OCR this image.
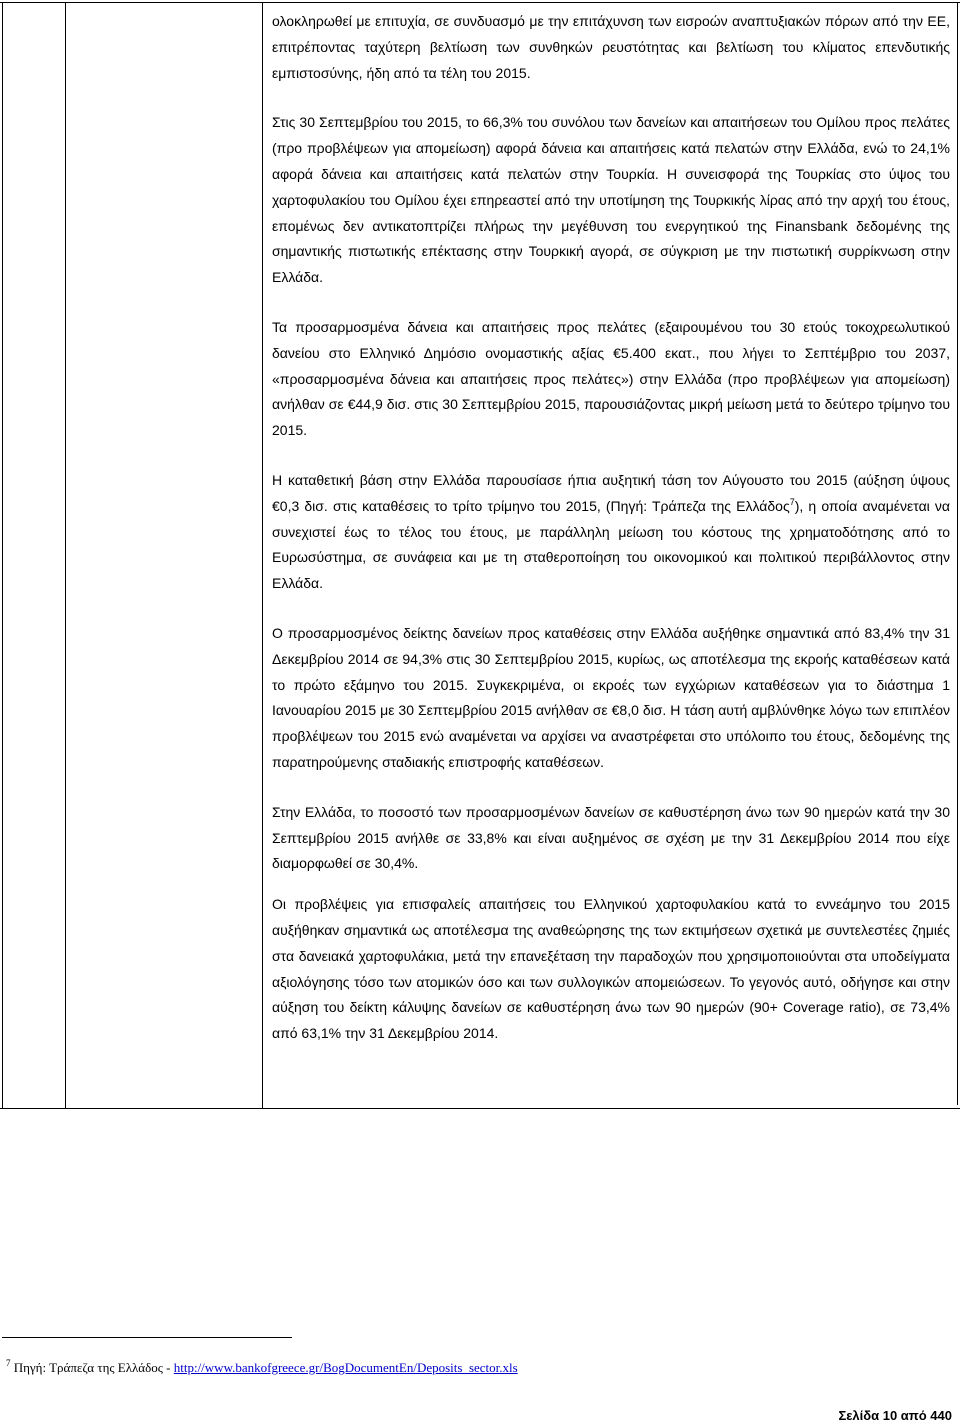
ολοκληρωθεί με επιτυχία, σε συνδυασμό με την επιτάχυνση των εισροών αναπτυξιακών πόρων από την ΕΕ, επιτρέποντας ταχύτερη βελτίωση των συνθηκών ρευστότητας και βελτίωση του κλίματος επενδυτικής εμπιστοσύνης, ήδη από τα τέλη του 2015.

Στις 30 Σεπτεμβρίου του 2015, το 66,3% του συνόλου των δανείων και απαιτήσεων του Ομίλου προς πελάτες (προ προβλέψεων για απομείωση) αφορά δάνεια και απαιτήσεις κατά πελατών στην Ελλάδα, ενώ το 24,1% αφορά δάνεια και απαιτήσεις κατά πελατών στην Τουρκία. Η συνεισφορά της Τουρκίας στο ύψος του χαρτοφυλακίου του Ομίλου έχει επηρεαστεί από την υποτίμηση της Τουρκικής λίρας από την αρχή του έτους, επομένως δεν αντικατοπτρίζει πλήρως την μεγέθυνση του ενεργητικού της Finansbank δεδομένης της σημαντικής πιστωτικής επέκτασης στην Τουρκική αγορά, σε σύγκριση με την πιστωτική συρρίκνωση στην Ελλάδα.

Τα προσαρμοσμένα δάνεια και απαιτήσεις προς πελάτες (εξαιρουμένου του 30 ετούς τοκοχρεωλυτικού δανείου στο Ελληνικό Δημόσιο ονομαστικής αξίας €5.400 εκατ., που λήγει το Σεπτέμβριο του 2037, «προσαρμοσμένα δάνεια και απαιτήσεις προς πελάτες») στην Ελλάδα (προ προβλέψεων για απομείωση) ανήλθαν σε €44,9 δισ. στις 30 Σεπτεμβρίου 2015, παρουσιάζοντας μικρή μείωση μετά το δεύτερο τρίμηνο του 2015.

Η καταθετική βάση στην Ελλάδα παρουσίασε ήπια αυξητική τάση τον Αύγουστο του 2015 (αύξηση ύψους €0,3 δισ. στις καταθέσεις το τρίτο τρίμηνο του 2015, (Πηγή: Τράπεζα της Ελλάδος$^7$), η οποία αναμένεται να συνεχιστεί έως το τέλος του έτους, με παράλληλη μείωση του κόστους της χρηματοδότησης από το Ευρωσύστημα, σε συνάφεια και με τη σταθεροποίηση του οικονομικού και πολιτικού περιβάλλοντος στην Ελλάδα.

Ο προσαρμοσμένος δείκτης δανείων προς καταθέσεις στην Ελλάδα αυξήθηκε σημαντικά από 83,4% την 31 Δεκεμβρίου 2014 σε 94,3% στις 30 Σεπτεμβρίου 2015, κυρίως, ως αποτέλεσμα της εκροής καταθέσεων κατά το πρώτο εξάμηνο του 2015. Συγκεκριμένα, οι εκροές των εγχώριων καταθέσεων για το διάστημα 1 Ιανουαρίου 2015 με 30 Σεπτεμβρίου 2015 ανήλθαν σε €8,0 δισ. Η τάση αυτή αμβλύνθηκε λόγω των επιπλέον προβλέψεων του 2015 ενώ αναμένεται να αρχίσει να αναστρέφεται στο υπόλοιπο του έτους, δεδομένης της παρατηρούμενης σταδιακής επιστροφής καταθέσεων.

Στην Ελλάδα, το ποσοστό των προσαρμοσμένων δανείων σε καθυστέρηση άνω των 90 ημερών κατά την 30 Σεπτεμβρίου 2015 ανήλθε σε 33,8% και είναι αυξημένος σε σχέση με την 31 Δεκεμβρίου 2014 που είχε διαμορφωθεί σε 30,4%.

Οι προβλέψεις για επισφαλείς απαιτήσεις του Ελληνικού χαρτοφυλακίου κατά το εννεάμηνο του 2015 αυξήθηκαν σημαντικά ως αποτέλεσμα της αναθεώρησης της των εκτιμήσεων σχετικά με συντελεστέες ζημιές στα δανειακά χαρτοφυλάκια, μετά την επανεξέταση την παραδοχών που χρησιμοποιιούνται στα υποδείγματα αξιολόγησης τόσο των ατομικών όσο και των συλλογικών απομειώσεων. Το γεγονός αυτό, οδήγησε και στην αύξηση του δείκτη κάλυψης δανείων σε καθυστέρηση άνω των 90 ημερών (90+ Coverage ratio), σε 73,4% από 63,1% την 31 Δεκεμβρίου 2014.

$^7$ Πηγή: Τράπεζα της Ελλάδος - http://www.bankofgreece.gr/BogDocumentEn/Deposits_sector.xls
Σελίδα 10 από 440
